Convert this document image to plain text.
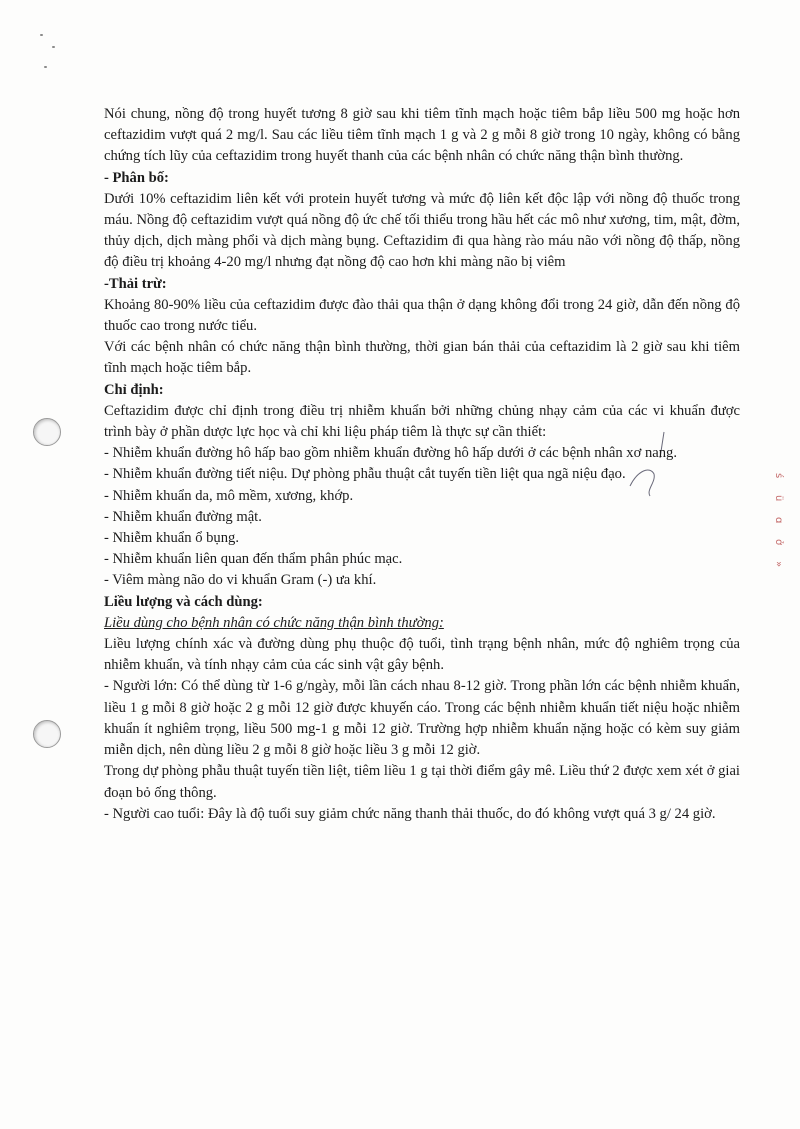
ś
ü
ɑ
ở
»

Nói chung, nồng độ trong huyết tương 8 giờ sau khi tiêm tĩnh mạch hoặc tiêm bắp liều 500 mg hoặc hơn ceftazidim vượt quá 2 mg/l. Sau các liều tiêm tĩnh mạch 1 g và 2 g mỗi 8 giờ trong 10 ngày, không có bằng chứng tích lũy của ceftazidim trong huyết thanh của các bệnh nhân có chức năng thận bình thường.

- Phân bố:

Dưới 10% ceftazidim liên kết với protein huyết tương và mức độ liên kết độc lập với nồng độ thuốc trong máu. Nồng độ ceftazidim vượt quá nồng độ ức chế tối thiểu trong hầu hết các mô như xương, tim, mật, đờm, thủy dịch, dịch màng phổi và dịch màng bụng. Ceftazidim đi qua hàng rào máu não với nồng độ thấp, nồng độ điều trị khoảng 4-20 mg/l nhưng đạt nồng độ cao hơn khi màng não bị viêm

-Thải trừ:

Khoảng 80-90% liều của ceftazidim được đào thải qua thận ở dạng không đổi trong 24 giờ, dẫn đến nồng độ thuốc cao trong nước tiểu.

Với các bệnh nhân có chức năng thận bình thường, thời gian bán thải của ceftazidim là 2 giờ sau khi tiêm tĩnh mạch hoặc tiêm bắp.

Chỉ định:

Ceftazidim được chỉ định trong điều trị nhiễm khuẩn bởi những chủng nhạy cảm của các vi khuẩn được trình bày ở phần dược lực học và chỉ khi liệu pháp tiêm là thực sự cần thiết:

- Nhiễm khuẩn đường hô hấp bao gồm nhiễm khuẩn đường hô hấp dưới ở các bệnh nhân xơ nang.

- Nhiễm khuẩn đường tiết niệu. Dự phòng phẫu thuật cắt tuyến tiền liệt qua ngã niệu đạo.

- Nhiễm khuẩn da, mô mềm, xương, khớp.

- Nhiễm khuẩn đường mật.

- Nhiễm khuẩn ổ bụng.

- Nhiễm khuẩn liên quan đến thẩm phân phúc mạc.

- Viêm màng não do vi khuẩn Gram (-) ưa khí.

Liều lượng và cách dùng:

Liều dùng cho bệnh nhân có chức năng thận bình thường:

Liều lượng chính xác và đường dùng phụ thuộc độ tuổi, tình trạng bệnh nhân, mức độ nghiêm trọng của nhiễm khuẩn, và tính nhạy cảm của các sinh vật gây bệnh.

- Người lớn: Có thể dùng từ 1-6 g/ngày, mỗi lần cách nhau 8-12 giờ. Trong phần lớn các bệnh nhiễm khuẩn, liều 1 g mỗi 8 giờ hoặc 2 g mỗi 12 giờ được khuyến cáo. Trong các bệnh nhiễm khuẩn tiết niệu hoặc nhiễm khuẩn ít nghiêm trọng, liều 500 mg-1 g mỗi 12 giờ. Trường hợp nhiễm khuẩn nặng hoặc có kèm suy giảm miễn dịch, nên dùng liều 2 g mỗi 8 giờ hoặc liều 3 g mỗi 12 giờ.

Trong dự phòng phẫu thuật tuyến tiền liệt, tiêm liều 1 g tại thời điểm gây mê. Liều thứ 2 được xem xét ở giai đoạn bỏ ống thông.

- Người cao tuổi: Đây là độ tuổi suy giảm chức năng thanh thải thuốc, do đó không vượt quá 3 g/ 24 giờ.
